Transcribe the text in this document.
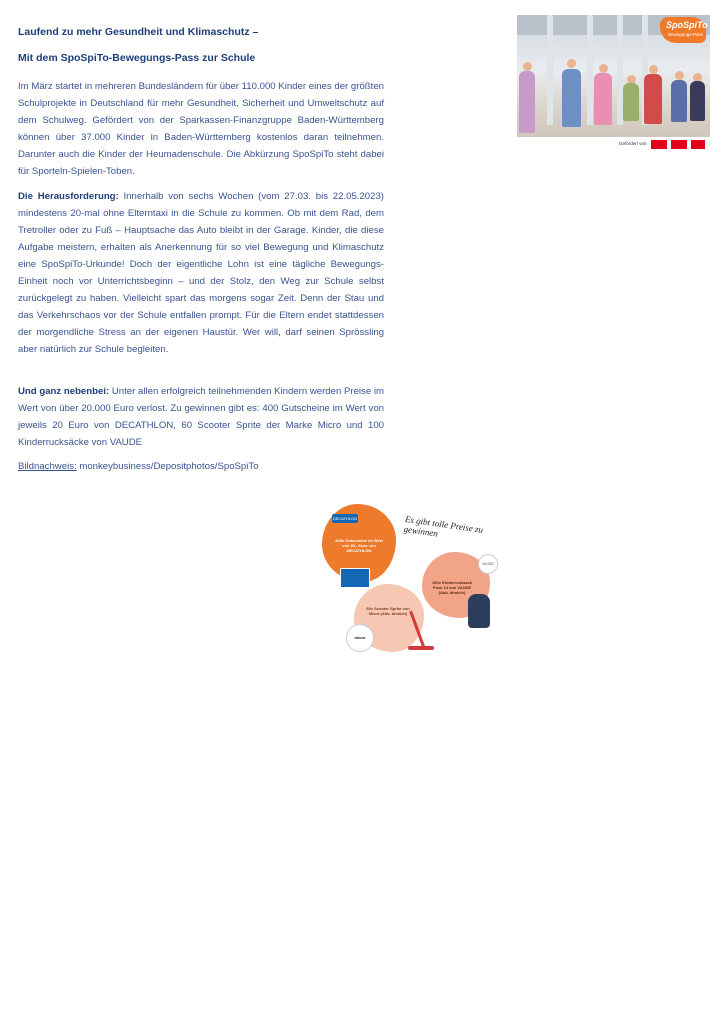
Laufend zu mehr Gesundheit und Klimaschutz –
Mit dem SpoSpiTo-Bewegungs-Pass zur Schule

Im März startet in mehreren Bundesländern für über 110.000 Kinder eines der größten Schulprojekte in Deutschland für mehr Gesundheit, Sicherheit und Umweltschutz auf dem Schulweg. Gefördert von der Sparkassen-Finanzgruppe Baden-Württemberg können über 37.000 Kinder in Baden-Württemberg kostenlos daran teilnehmen. Darunter auch die Kinder der Heumadenschule. Die Abkürzung SpoSpiTo steht dabei für Sporteln-Spielen-Toben.

Die Herausforderung: Innerhalb von sechs Wochen (vom 27.03. bis 22.05.2023) mindestens 20-mal ohne Elterntaxi in die Schule zu kommen. Ob mit dem Rad, dem Tretroller oder zu Fuß – Hauptsache das Auto bleibt in der Garage. Kinder, die diese Aufgabe meistern, erhalten als Anerkennung für so viel Bewegung und Klimaschutz eine SpoSpiTo-Urkunde! Doch der eigentliche Lohn ist eine tägliche Bewegungs-Einheit noch vor Unterrichtsbeginn – und der Stolz, den Weg zur Schule selbst zurückgelegt zu haben. Vielleicht spart das morgens sogar Zeit. Denn der Stau und das Verkehrschaos vor der Schule entfallen prompt. Für die Eltern endet stattdessen der morgendliche Stress an der eigenen Haustür. Wer will, darf seinen Sprössling aber natürlich zur Schule begleiten.

Und ganz nebenbei: Unter allen erfolgreich teilnehmenden Kindern werden Preise im Wert von über 20.000 Euro verlost. Zu gewinnen gibt es: 400 Gutscheine im Wert von jeweils 20 Euro von DECATHLON, 60 Scooter Sprite der Marke Micro und 100 Kinderrucksäcke von VAUDE

Bildnachweis: monkeybusiness/Depositphotos/SpoSpiTo
SpoSpiTo
Bewegungs-Pass
Gefördert von
DECATHLON
400x Gutscheine im Wert von 20,- Euro von DECATHLON
Es gibt tolle Preise zu gewinnen
VAUDE
100x Kinderrucksack Puck 14 von VAUDE (Abb. ähnlich)
60x Scooter Sprite von Micro (Abb. ähnlich)
micro
